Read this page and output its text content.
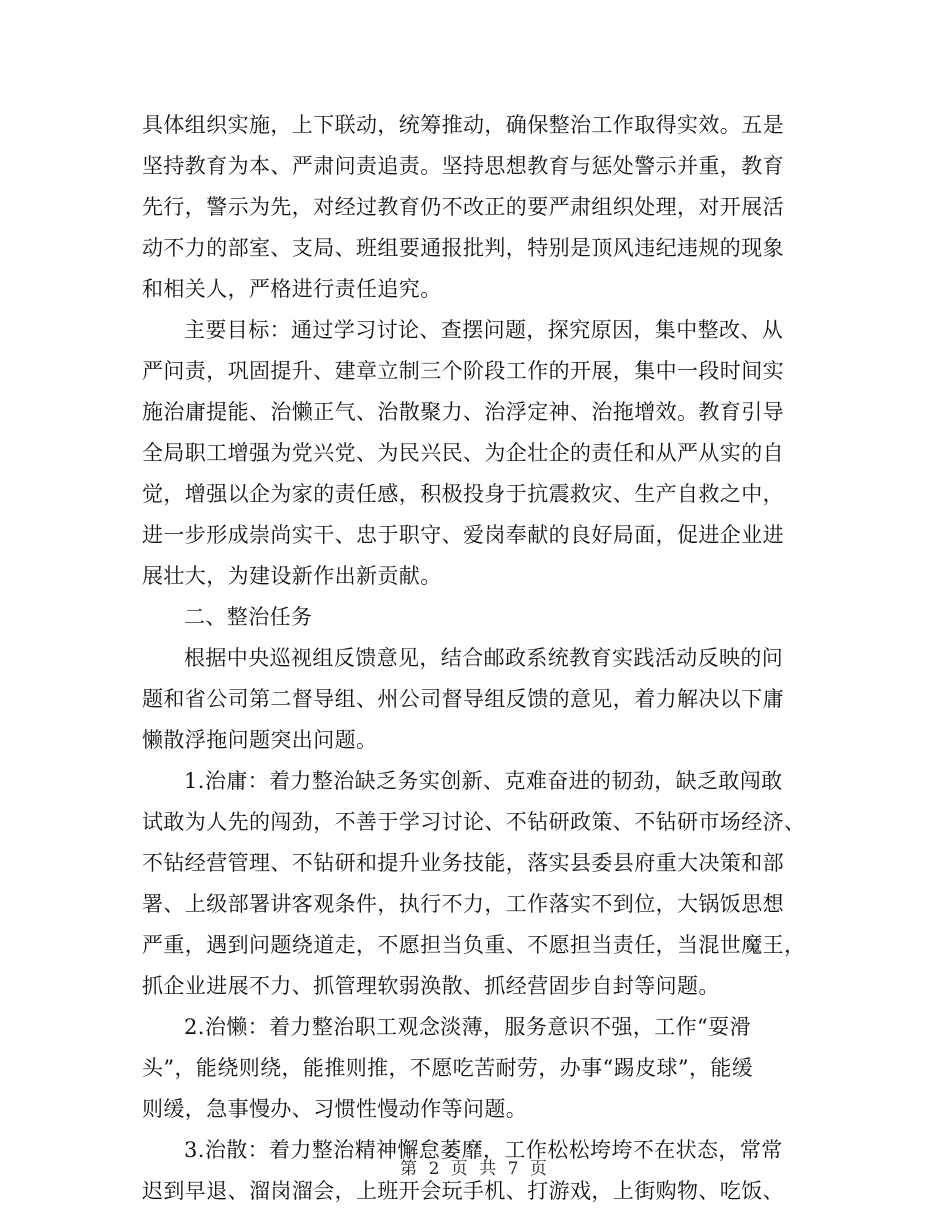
具体组织实施，上下联动，统筹推动，确保整治工作取得实效。五是

坚持教育为本、严肃问责追责。坚持思想教育与惩处警示并重，教育

先行，警示为先，对经过教育仍不改正的要严肃组织处理，对开展活

动不力的部室、支局、班组要通报批判，特别是顶风违纪违规的现象

和相关人，严格进行责任追究。

主要目标：通过学习讨论、查摆问题，探究原因，集中整改、从

严问责，巩固提升、建章立制三个阶段工作的开展，集中一段时间实

施治庸提能、治懒正气、治散聚力、治浮定神、治拖增效。教育引导

全局职工增强为党兴党、为民兴民、为企壮企的责任和从严从实的自

觉，增强以企为家的责任感，积极投身于抗震救灾、生产自救之中，

进一步形成崇尚实干、忠于职守、爱岗奉献的良好局面，促进企业进

展壮大，为建设新作出新贡献。

二、整治任务

根据中央巡视组反馈意见，结合邮政系统教育实践活动反映的问

题和省公司第二督导组、州公司督导组反馈的意见，着力解决以下庸

懒散浮拖问题突出问题。

1.治庸：着力整治缺乏务实创新、克难奋进的韧劲，缺乏敢闯敢

试敢为人先的闯劲，不善于学习讨论、不钻研政策、不钻研市场经济、

不钻经营管理、不钻研和提升业务技能，落实县委县府重大决策和部

署、上级部署讲客观条件，执行不力，工作落实不到位，大锅饭思想

严重，遇到问题绕道走，不愿担当负重、不愿担当责任，当混世魔王，

抓企业进展不力、抓管理软弱涣散、抓经营固步自封等问题。

2.治懒：着力整治职工观念淡薄，服务意识不强，工作“耍滑

头”，能绕则绕，能推则推，不愿吃苦耐劳，办事“踢皮球”，能缓

则缓，急事慢办、习惯性慢动作等问题。

3.治散：着力整治精神懈怠萎靡，工作松松垮垮不在状态，常常

迟到早退、溜岗溜会，上班开会玩手机、打游戏，上街购物、吃饭、

第 2 页 共 7 页
